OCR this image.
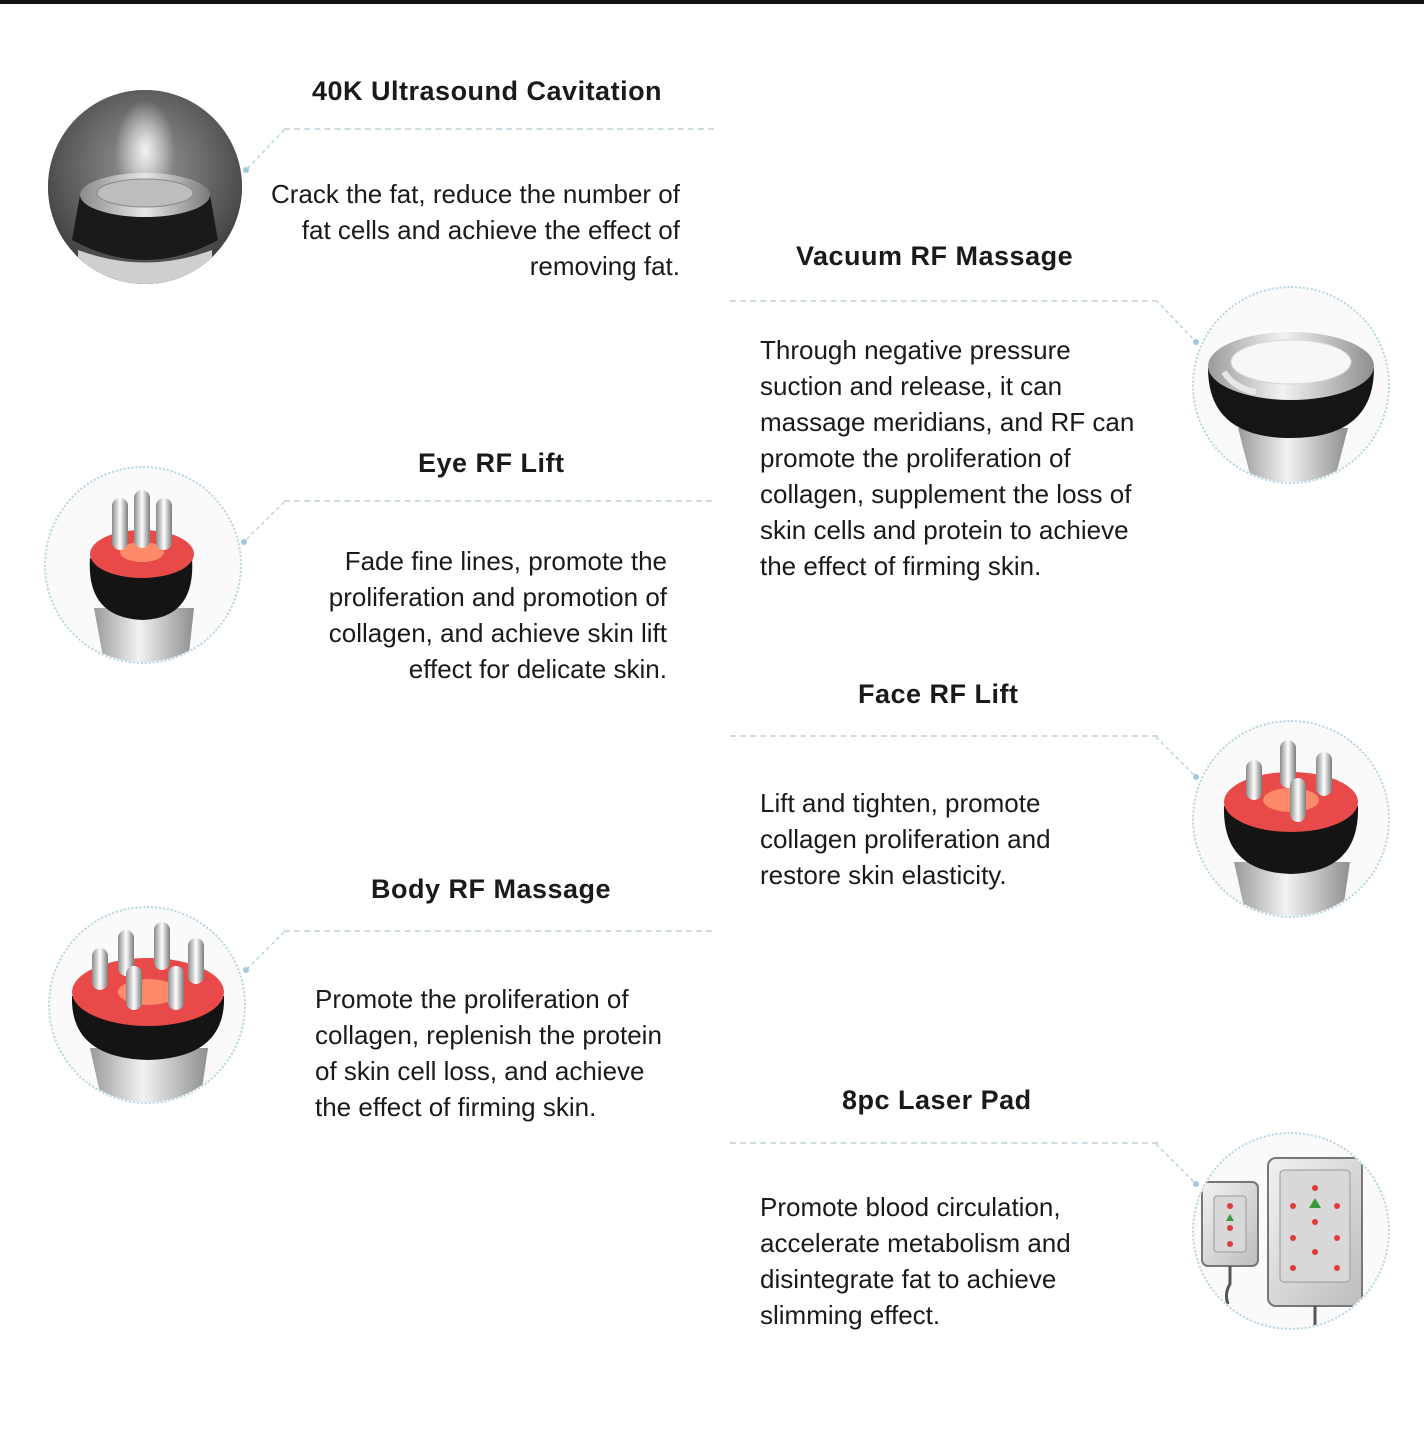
40K Ultrasound Cavitation
Crack the fat, reduce the number of fat cells and achieve the effect of removing fat.	Vacuum RF Massage
Through negative pressure suction and release, it can massage meridians, and RF can promote the proliferation of collagen, supplement the loss of skin cells and protein to achieve the effect of firming skin.
Eye RF Lift
Fade fine lines, promote the proliferation and promotion of collagen, and achieve skin lift effect for delicate skin.
Face RF Lift
Lift and tighten, promote collagen proliferation and restore skin elasticity.
Body RF Massage
Promote the proliferation of collagen, replenish the protein of skin cell loss, and achieve the effect of firming skin.	8pc Laser Pad
Promote blood circulation, accelerate metabolism and disintegrate fat to achieve slimming effect.
